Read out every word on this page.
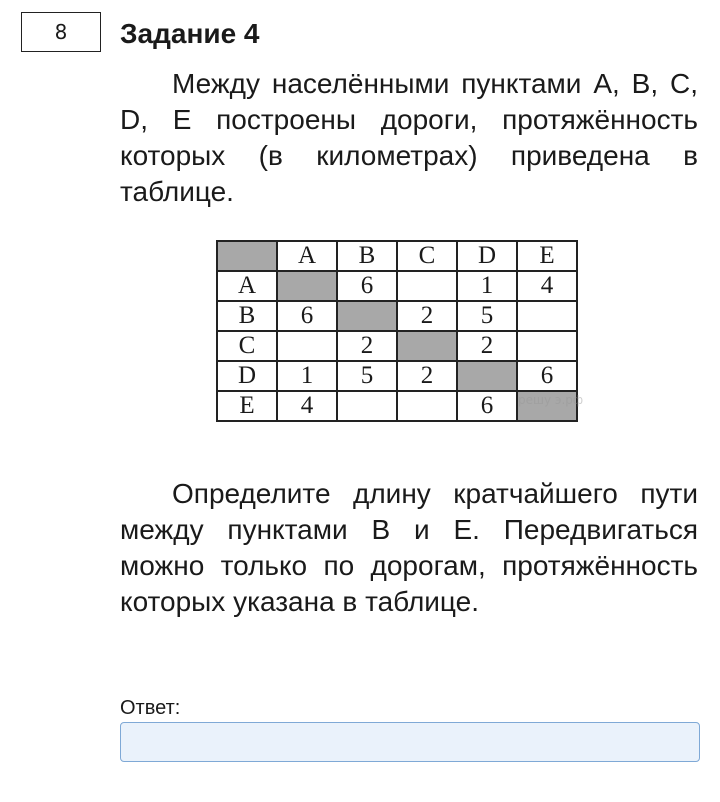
8 Задание 4

Между населёнными пунктами A, B, C, D, E построены дороги, протяжённость которых (в километрах) приведена в таблице.

	A	B	C	D	E
A		6		1	4
B	6		2	5	
C		2		2	
D	1	5	2		6
E	4			6	решу э.рф

Определите длину кратчайшего пути между пунктами B и E. Передвигаться можно только по дорогам, протяжённость которых указана в таблице.

Ответ:
